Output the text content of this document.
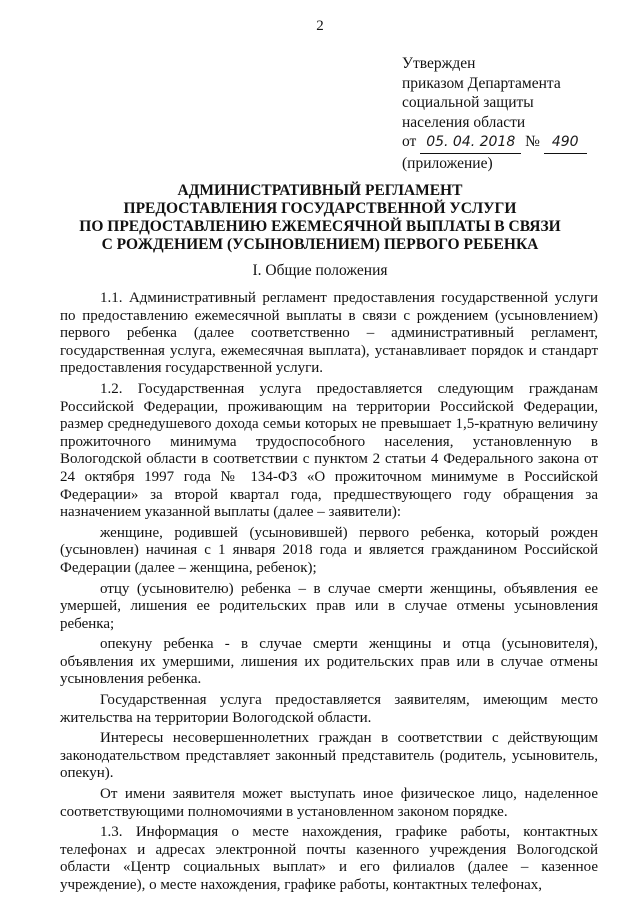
2
Утвержден
приказом Департамента
социальной защиты
населения области
от 05. 04. 2018 № 490
(приложение)
АДМИНИСТРАТИВНЫЙ РЕГЛАМЕНТ
ПРЕДОСТАВЛЕНИЯ ГОСУДАРСТВЕННОЙ УСЛУГИ
ПО ПРЕДОСТАВЛЕНИЮ ЕЖЕМЕСЯЧНОЙ ВЫПЛАТЫ В СВЯЗИ
С РОЖДЕНИЕМ (УСЫНОВЛЕНИЕМ) ПЕРВОГО РЕБЕНКА
I. Общие положения

1.1. Административный регламент предоставления государственной услуги по предоставлению ежемесячной выплаты в связи с рождением (усыновлением) первого ребенка (далее соответственно – административный регламент, государственная услуга, ежемесячная выплата), устанавливает порядок и стандарт предоставления государственной услуги.

1.2. Государственная услуга предоставляется следующим гражданам Российской Федерации, проживающим на территории Российской Федерации, размер среднедушевого дохода семьи которых не превышает 1,5-кратную величину прожиточного минимума трудоспособного населения, установленную в Вологодской области в соответствии с пунктом 2 статьи 4 Федерального закона от 24 октября 1997 года № 134-ФЗ «О прожиточном минимуме в Российской Федерации» за второй квартал года, предшествующего году обращения за назначением указанной выплаты (далее – заявители):

женщине, родившей (усыновившей) первого ребенка, который рожден (усыновлен) начиная с 1 января 2018 года и является гражданином Российской Федерации (далее – женщина, ребенок);

отцу (усыновителю) ребенка – в случае смерти женщины, объявления ее умершей, лишения ее родительских прав или в случае отмены усыновления ребенка;

опекуну ребенка - в случае смерти женщины и отца (усыновителя), объявления их умершими, лишения их родительских прав или в случае отмены усыновления ребенка.

Государственная услуга предоставляется заявителям, имеющим место жительства на территории Вологодской области.

Интересы несовершеннолетних граждан в соответствии с действующим законодательством представляет законный представитель (родитель, усыновитель, опекун).

От имени заявителя может выступать иное физическое лицо, наделенное соответствующими полномочиями в установленном законом порядке.

1.3. Информация о месте нахождения, графике работы, контактных телефонах и адресах электронной почты казенного учреждения Вологодской области «Центр социальных выплат» и его филиалов (далее – казенное учреждение), о месте нахождения, графике работы, контактных телефонах,
